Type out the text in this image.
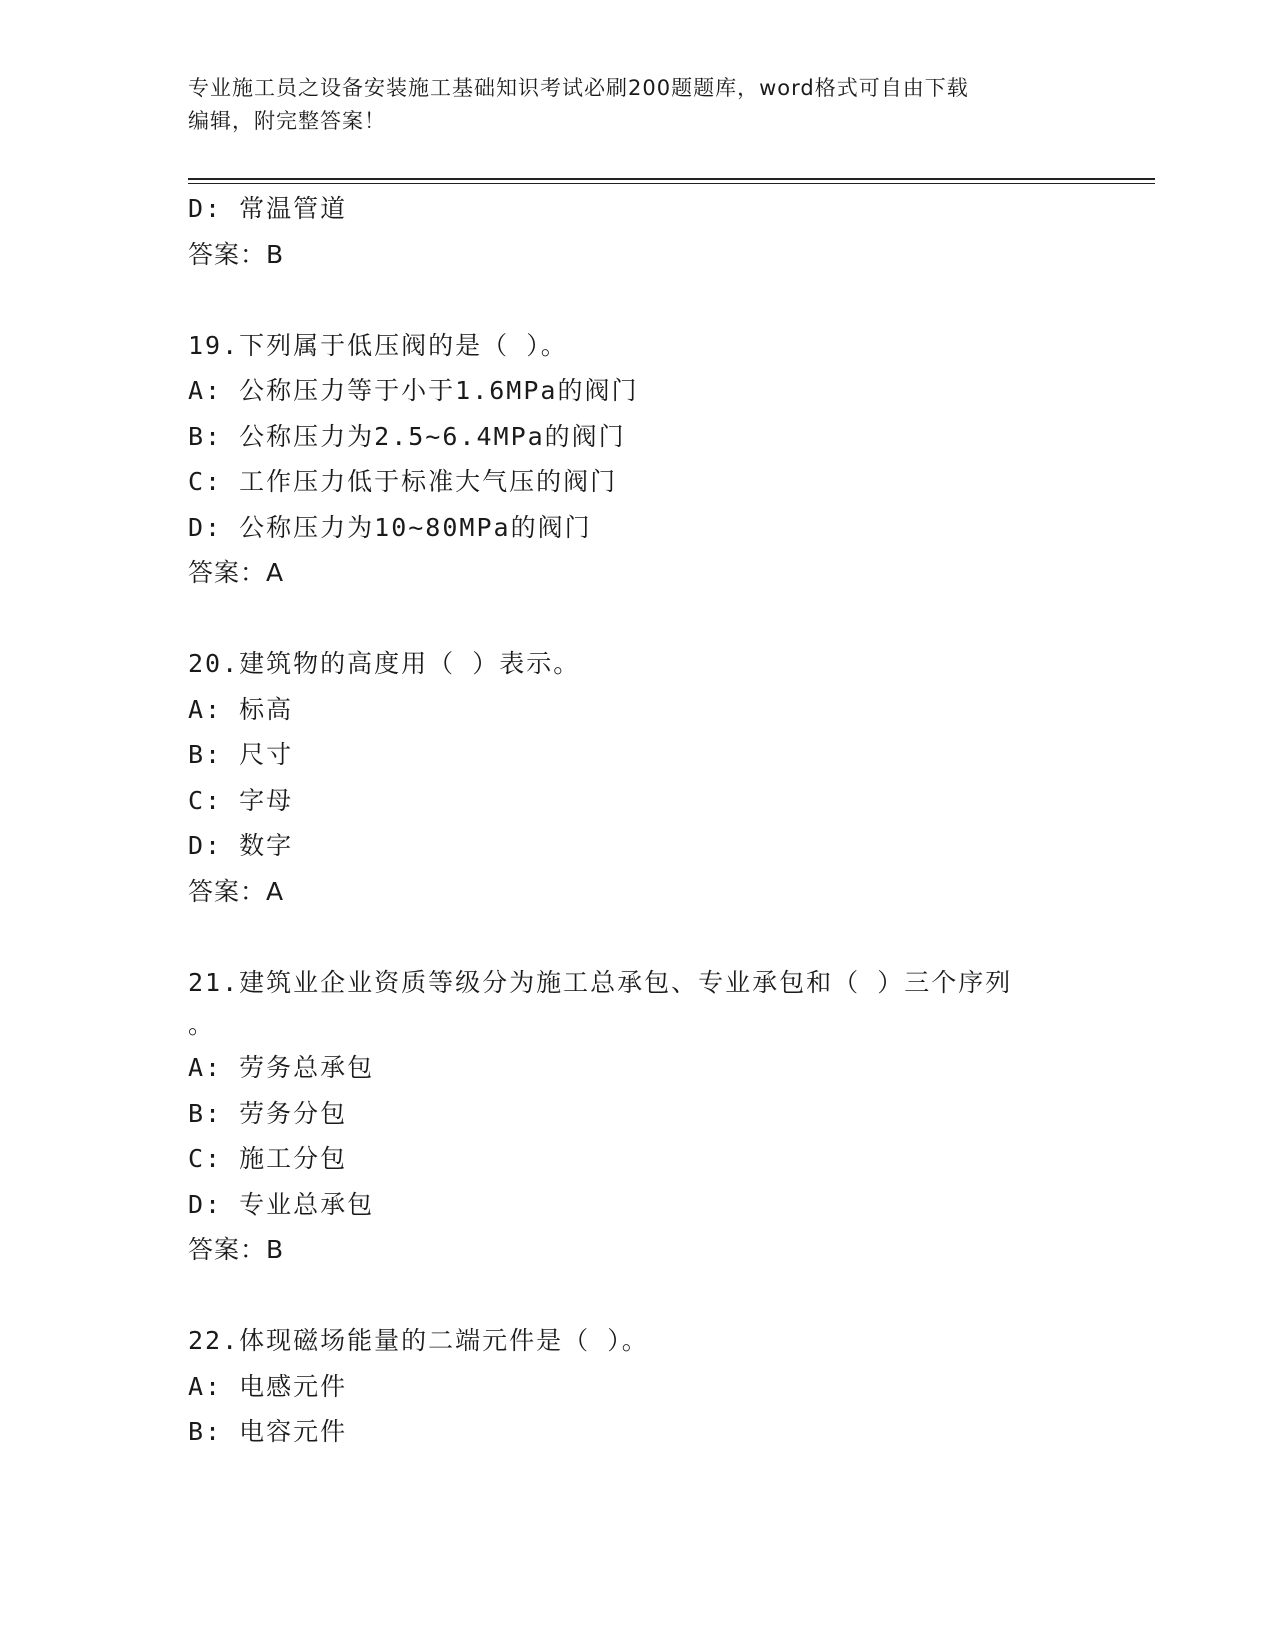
专业施工员之设备安装施工基础知识考试必刷200题题库，word格式可自由下载
编辑，附完整答案！
D: 常温管道
答案：B
19.下列属于低压阀的是（ ）。
A: 公称压力等于小于1.6MPa的阀门
B: 公称压力为2.5~6.4MPa的阀门
C: 工作压力低于标准大气压的阀门
D: 公称压力为10~80MPa的阀门
答案：A
20.建筑物的高度用（ ）表示。
A: 标高
B: 尺寸
C: 字母
D: 数字
答案：A
21.建筑业企业资质等级分为施工总承包、专业承包和（ ）三个序列
。
A: 劳务总承包
B: 劳务分包
C: 施工分包
D: 专业总承包
答案：B
22.体现磁场能量的二端元件是（ ）。
A: 电感元件
B: 电容元件
